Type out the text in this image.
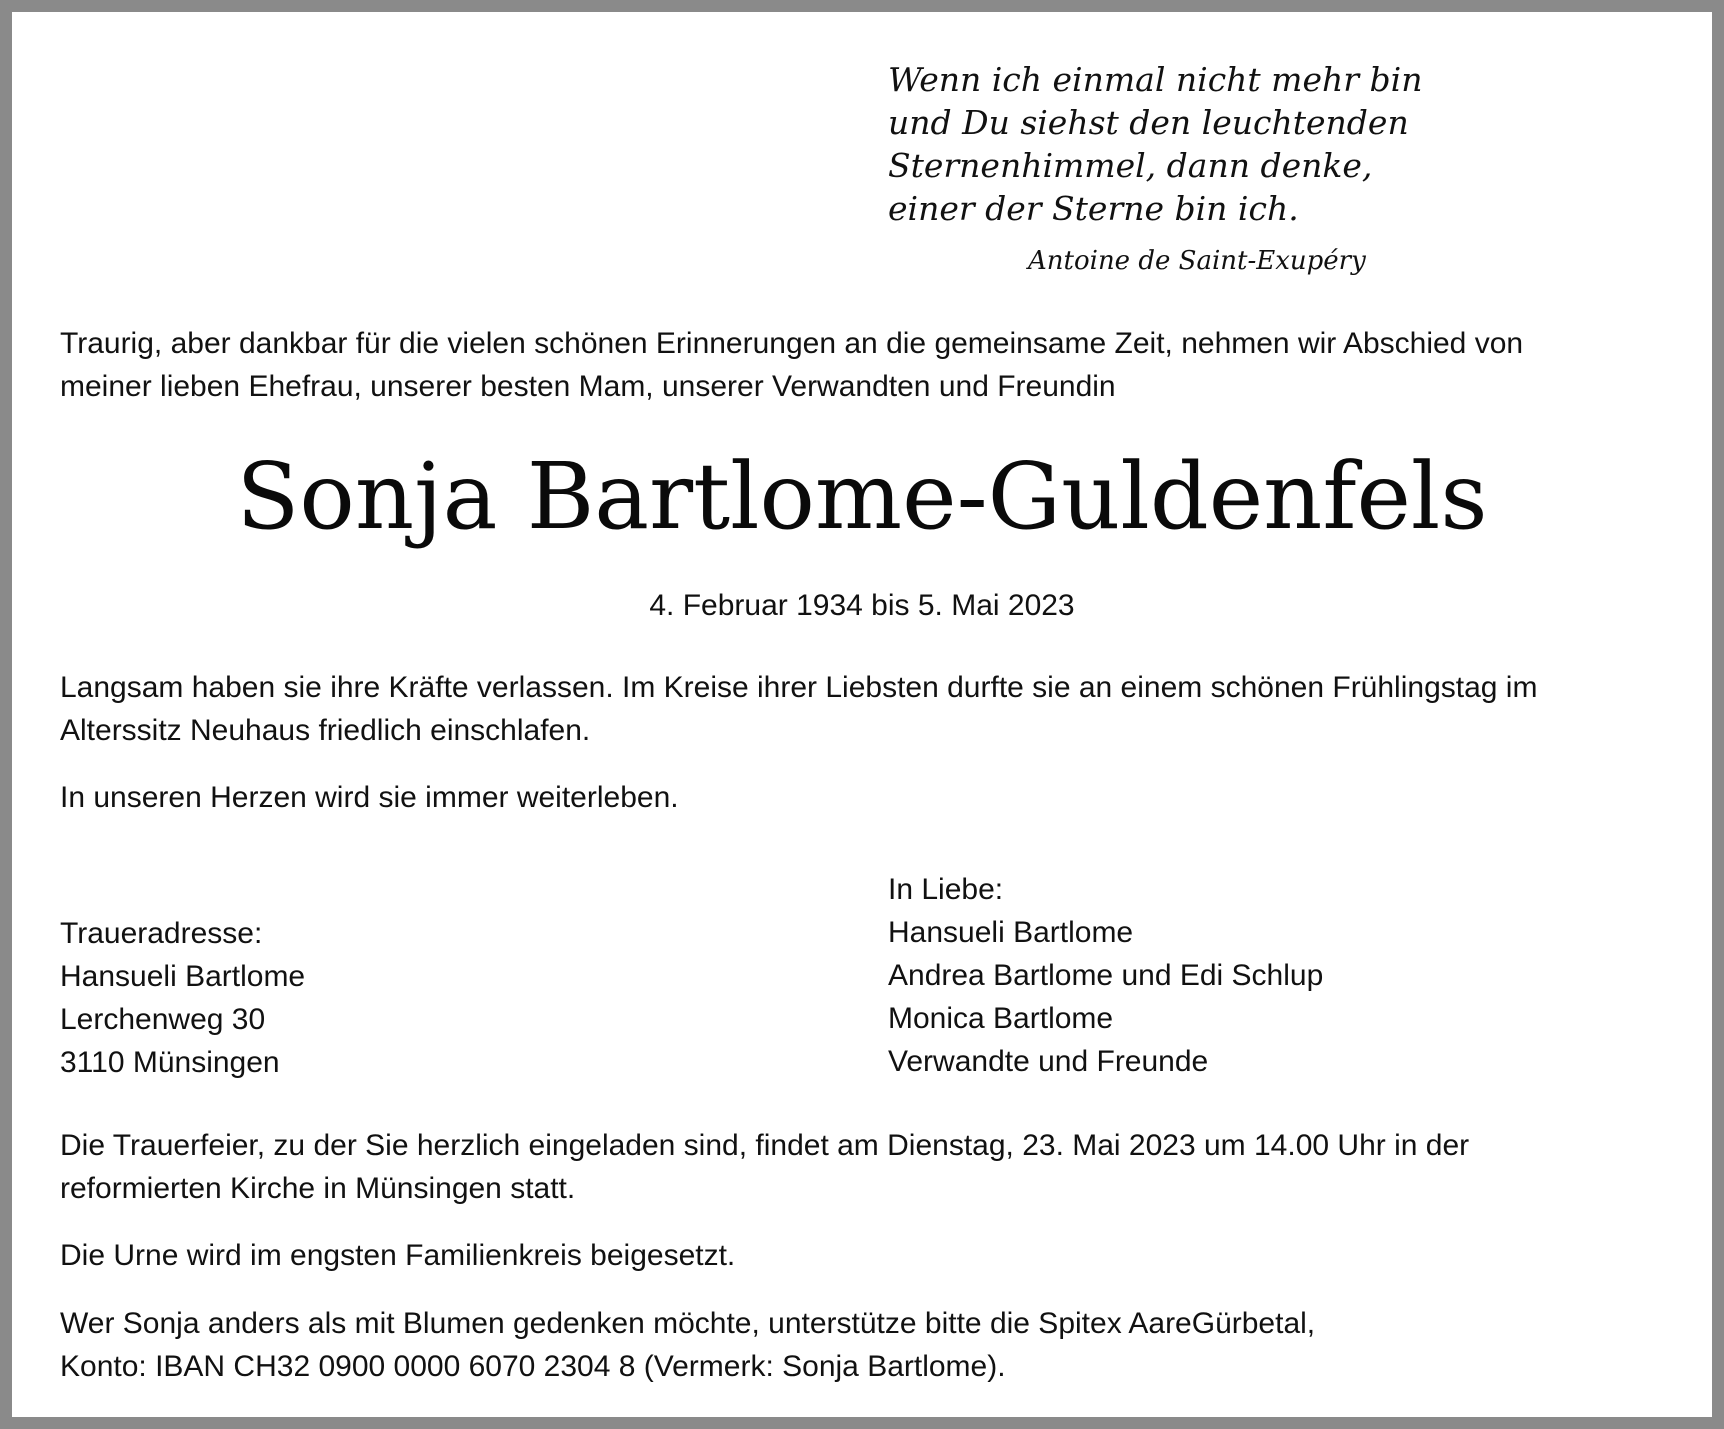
Wenn ich einmal nicht mehr bin
und Du siehst den leuchtenden
Sternenhimmel, dann denke,
einer der Sterne bin ich.
Antoine de Saint-Exupéry
Traurig, aber dankbar für die vielen schönen Erinnerungen an die gemeinsame Zeit, nehmen wir Abschied von
meiner lieben Ehefrau, unserer besten Mam, unserer Verwandten und Freundin
Sonja Bartlome-Guldenfels
4. Februar 1934 bis 5. Mai 2023
Langsam haben sie ihre Kräfte verlassen. Im Kreise ihrer Liebsten durfte sie an einem schönen Frühlingstag im
Alterssitz Neuhaus friedlich einschlafen.
In unseren Herzen wird sie immer weiterleben.
Traueradresse:
Hansueli Bartlome
Lerchenweg 30
3110 Münsingen
In Liebe:
Hansueli Bartlome
Andrea Bartlome und Edi Schlup
Monica Bartlome
Verwandte und Freunde
Die Trauerfeier, zu der Sie herzlich eingeladen sind, findet am Dienstag, 23. Mai 2023 um 14.00 Uhr in der
reformierten Kirche in Münsingen statt.
Die Urne wird im engsten Familienkreis beigesetzt.
Wer Sonja anders als mit Blumen gedenken möchte, unterstütze bitte die Spitex AareGürbetal,
Konto: IBAN CH32 0900 0000 6070 2304 8 (Vermerk: Sonja Bartlome).
